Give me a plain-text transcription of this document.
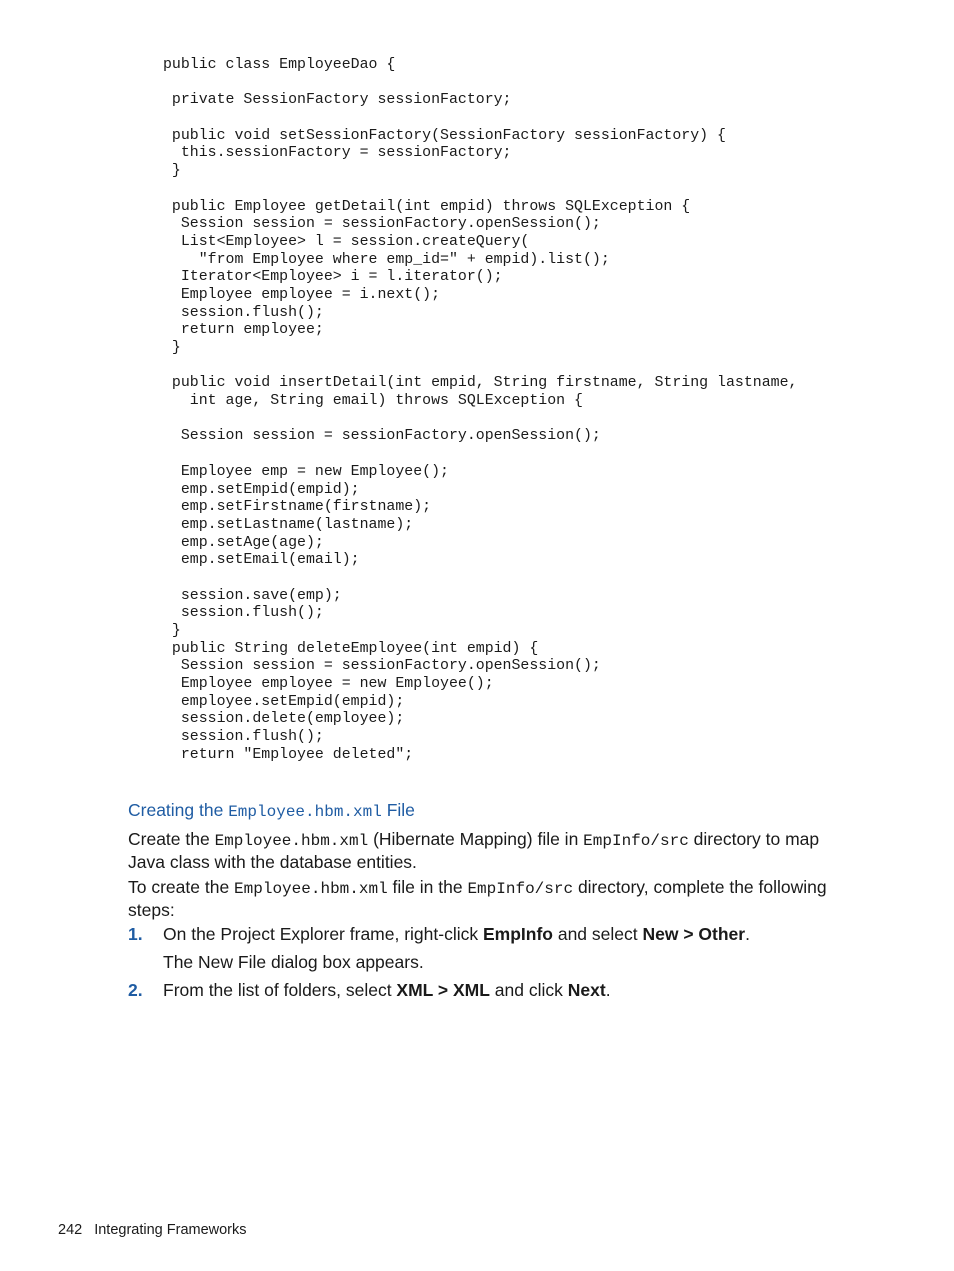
public class EmployeeDao {
private SessionFactory sessionFactory;
public void setSessionFactory(SessionFactory sessionFactory) {
this.sessionFactory = sessionFactory;
}
public Employee getDetail(int empid) throws SQLException {
Session session = sessionFactory.openSession();
List<Employee> l = session.createQuery(
"from Employee where emp_id=" + empid).list();
Iterator<Employee> i = l.iterator();
Employee employee = i.next();
session.flush();
return employee;
}
public void insertDetail(int empid, String firstname, String lastname,
int age, String email) throws SQLException {
Session session = sessionFactory.openSession();
Employee emp = new Employee();
emp.setEmpid(empid);
emp.setFirstname(firstname);
emp.setLastname(lastname);
emp.setAge(age);
emp.setEmail(email);
session.save(emp);
session.flush();
}
public String deleteEmployee(int empid) {
Session session = sessionFactory.openSession();
Employee employee = new Employee();
employee.setEmpid(empid);
session.delete(employee);
session.flush();
return "Employee deleted";
Creating the Employee.hbm.xml File

Create the Employee.hbm.xml (Hibernate Mapping) file in EmpInfo/src directory to map Java class with the database entities.

To create the Employee.hbm.xml file in the EmpInfo/src directory, complete the following steps:

1. On the Project Explorer frame, right-click EmpInfo and select New > Other.
The New File dialog box appears.
2. From the list of folders, select XML > XML and click Next.
242 Integrating Frameworks
